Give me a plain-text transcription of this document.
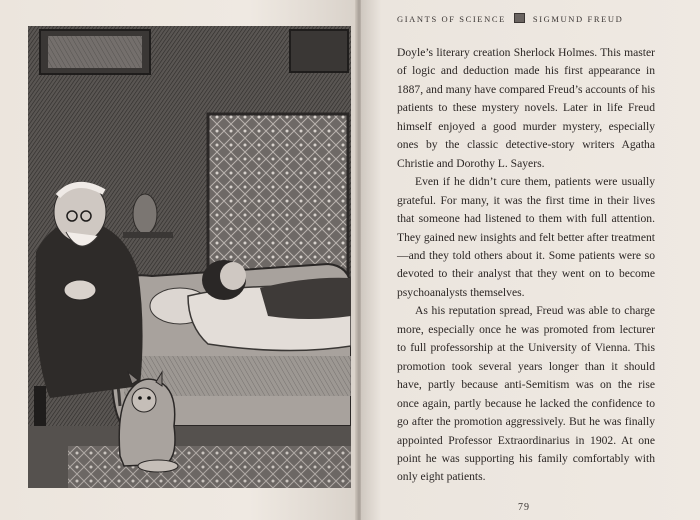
GIANTS OF SCIENCE	SIGMUND FREUD

Doyle’s literary creation Sherlock Holmes. This master of logic and deduction made his first appearance in 1887, and many have compared Freud’s accounts of his patients to these mystery novels. Later in life Freud himself enjoyed a good murder mystery, especially ones by the classic detective-story writers Agatha Christie and Dorothy L. Sayers.

Even if he didn’t cure them, patients were usually grateful. For many, it was the first time in their lives that someone had listened to them with full attention. They gained new insights and felt better after treatment—and they told others about it. Some patients were so devoted to their analyst that they went on to become psychoanalysts themselves.

As his reputation spread, Freud was able to charge more, especially once he was promoted from lecturer to full professorship at the University of Vienna. This promotion took several years longer than it should have, partly because anti-Semitism was on the rise once again, partly because he lacked the confidence to go after the promotion aggressively. But he was finally appointed Professor Extraordinarius in 1902. At one point he was supporting his family comfortably with only eight patients.

79
